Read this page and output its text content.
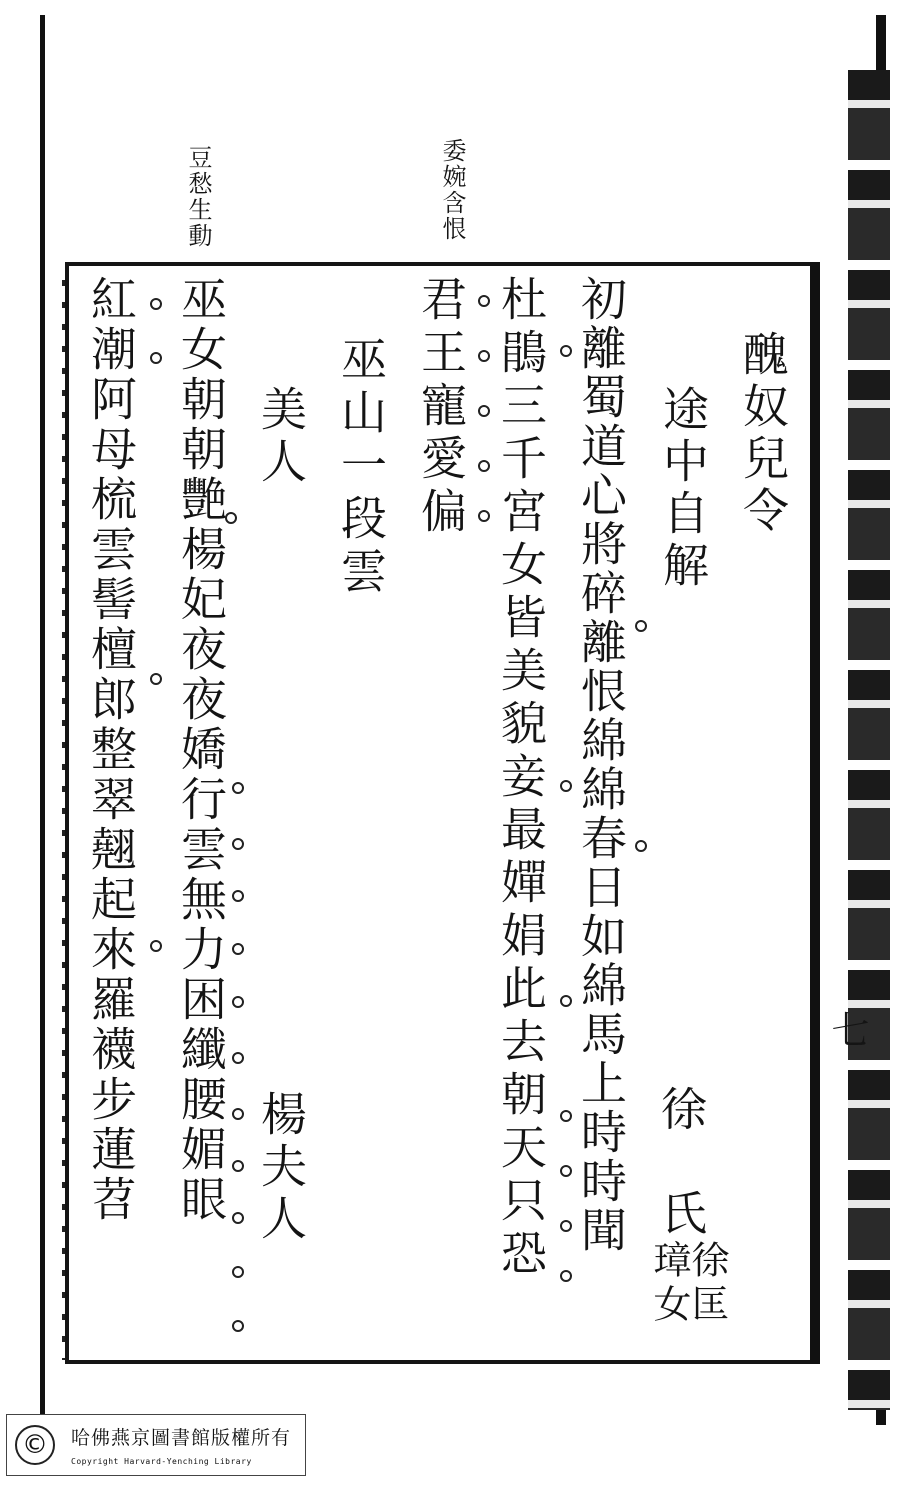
豆愁生動	委婉含恨
七
醜奴兒令
途中自解
徐　氏
徐匡
璋女
初離蜀道心將碎離恨綿綿春日如綿馬上時時聞
杜鵑三千宮女皆美貌妾最嬋娟此去朝天只恐
君王寵愛偏
巫山一段雲
美人
楊夫人
巫女朝朝艷楊妃夜夜嬌行雲無力困纖腰媚眼
紅潮阿母梳雲髻檀郎整翠翹起來羅襪步蓮苕
©	哈佛燕京圖書館版權所有
Copyright Harvard-Yenching Library
